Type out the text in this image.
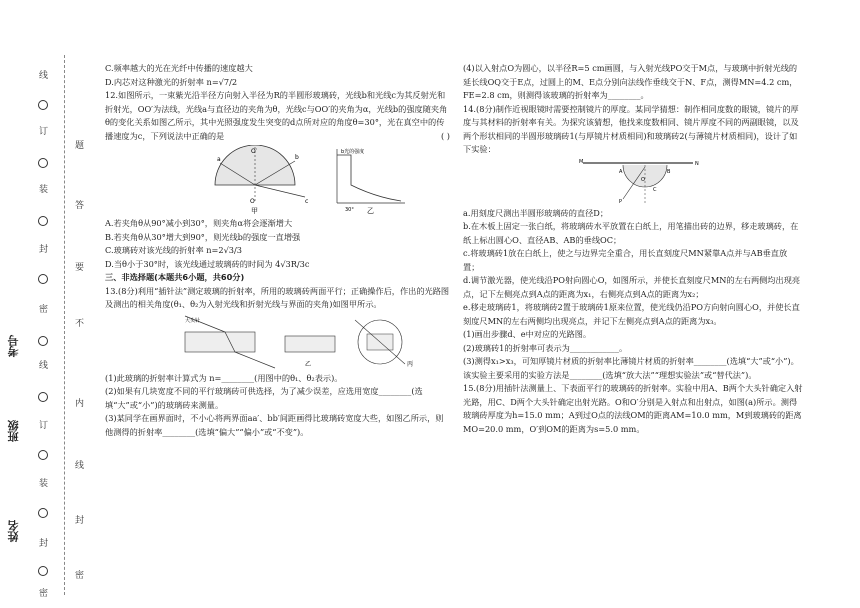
姓名
班级
考号
线
订
装
封
密
线
订
装
封
密
题
答
要
不
内
线
封
密

C.频率越大的光在光纤中传播的速度越大

D.内芯对这种激光的折射率 n=√7/2

12.如图所示，一束紫光沿半径方向射入半径为R的半圆形玻璃砖，光线b和光线c为其反射光和折射光，OO′为法线，光线a与直径边的夹角为θ，光线c与OO′的夹角为α，光线b的强度随夹角θ的变化关系如图乙所示，其中光照强度发生突变的d点所对应的角度θ=30°，光在真空中的传播速度为c，下列说法中正确的是	( )

O
O′
a	b
c
甲
b光的强度
30° 乙

A.若夹角θ从90°减小到30°，则夹角α将会逐渐增大

B.若夹角θ从30°增大到90°，则光线b的强度一直增强

C.玻璃砖对该光线的折射率 n=2√3/3

D.当θ小于30°时，该光线通过玻璃砖的时间为 4√3R/3c

三、非选择题(本题共6小题，共60分)

13.(8分)利用“插针法”测定玻璃的折射率，所用的玻璃砖两面平行；正确操作后，作出的光路图及测出的相关角度(θ₁、θ₂为入射光线和折射光线与界面的夹角)如图甲所示。

大头针
乙	丙

(1)此玻璃的折射率计算式为 n=________(用图中的θ₁、θ₂表示)。

(2)如果有几块宽度不同的平行玻璃砖可供选择，为了减少误差，应选用宽度________(选填“大”或“小”)的玻璃砖来测量。

(3)某同学在画界面时，不小心将两界面aa′、bb′间距画得比玻璃砖宽度大些，如图乙所示，则他测得的折射率________(选填“偏大”“偏小”或“不变”)。

(4)以入射点O为圆心，以半径R=5 cm画圆，与入射光线PO交于M点，与玻璃中折射光线的延长线OQ交于E点，过圆上的M、E点分别向法线作垂线交于N、F点，测得MN=4.2 cm，FE=2.8 cm，则测得该玻璃的折射率为________。

14.(8分)制作近视眼镜时需要控制镜片的厚度。某同学猜想：制作相同度数的眼镜，镜片的厚度与其材料的折射率有关。为探究该猜想，他找来度数相同、镜片厚度不同的两副眼镜，以及两个形状相同的半圆形玻璃砖1(与厚镜片材质相同)和玻璃砖2(与薄镜片材质相同)，设计了如下实验：

M
A	B
O
C
P
N

a.用刻度尺测出半圆形玻璃砖的直径D；

b.在木板上固定一张白纸，将玻璃砖水平放置在白纸上，用笔描出砖的边界，移走玻璃砖，在纸上标出圆心O、直径AB、AB的垂线OC；

c.将玻璃砖1放在白纸上，使之与边界完全重合，用长直刻度尺MN紧靠A点并与AB垂直放置；

d.调节激光器，使光线沿PO射向圆心O，如图所示，并使长直刻度尺MN的左右两侧均出现亮点，记下左侧亮点到A点的距离为x₁，右侧亮点到A点的距离为x₂；

e.移走玻璃砖1，将玻璃砖2置于玻璃砖1原来位置，使光线仍沿PO方向射向圆心O，并使长直刻度尺MN的左右两侧均出现亮点，并记下左侧亮点到A点的距离为x₃。

(1)画出步骤d、e中对应的光路图。

(2)玻璃砖1的折射率可表示为____________。

(3)测得x₁>x₃，可知厚镜片材质的折射率比薄镜片材质的折射率________(选填“大”或“小”)。该实验主要采用的实验方法是________(选填“放大法”“理想实验法”或“替代法”)。

15.(8分)用插针法测量上、下表面平行的玻璃砖的折射率。实验中用A、B两个大头针确定入射光路，用C、D两个大头针确定出射光路。O和O′分别是入射点和出射点，如图(a)所示。测得玻璃砖厚度为h=15.0 mm；A到过O点的法线OM的距离AM=10.0 mm，M到玻璃砖的距离MO=20.0 mm，O′到OM的距离为s=5.0 mm。
